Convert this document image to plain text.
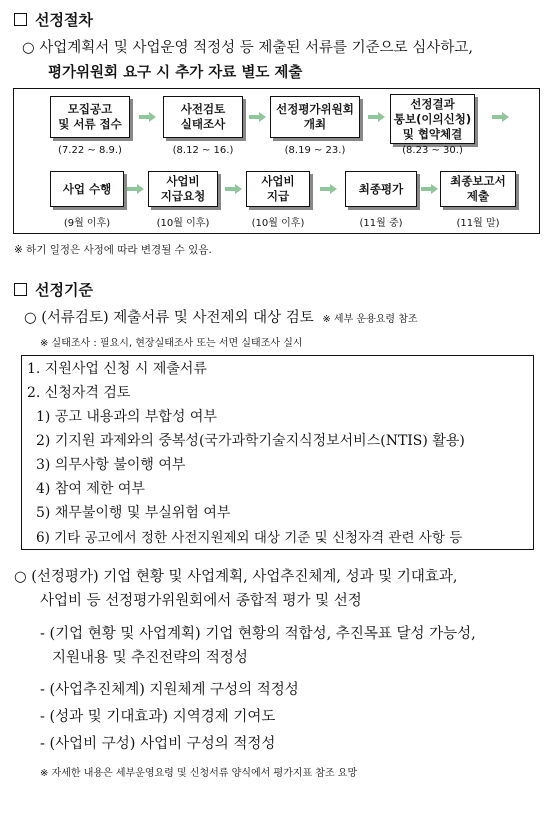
선정절차
○ 사업계획서 및 사업운영 적정성 등 제출된 서류를 기준으로 심사하고,
평가위원회 요구 시 추가 자료 별도 제출
모집공고
및 서류 접수
(7.22 ~ 8.9.)
사전검토
실태조사
(8.12 ~ 16.)
선정평가위원회
개최
(8.19 ~ 23.)
선정결과
통보(이의신청)
및 협약체결
(8.23 ~ 30.)
사업 수행
(9월 이후)
사업비
지급요청
(10월 이후)
사업비
지급
(10월 이후)
최종평가
(11월 중)
최종보고서
제출
(11월 말)
※ 하기 일정은 사정에 따라 변경될 수 있음.
선정기준
○ (서류검토) 제출서류 및 사전제외 대상 검토 ※ 세부 운용요령 참조
※ 실태조사 : 필요시, 현장실태조사 또는 서면 실태조사 실시
1. 지원사업 신청 시 제출서류
2. 신청자격 검토
1) 공고 내용과의 부합성 여부
2) 기지원 과제와의 중복성(국가과학기술지식정보서비스(NTIS) 활용)
3) 의무사항 불이행 여부
4) 참여 제한 여부
5) 채무불이행 및 부실위험 여부
6) 기타 공고에서 정한 사전지원제외 대상 기준 및 신청자격 관련 사항 등
○ (선정평가) 기업 현황 및 사업계획, 사업추진체계, 성과 및 기대효과,
사업비 등 선정평가위원회에서 종합적 평가 및 선정
- (기업 현황 및 사업계획) 기업 현황의 적합성, 추진목표 달성 가능성,
지원내용 및 추진전략의 적정성
- (사업추진체계) 지원체계 구성의 적정성
- (성과 및 기대효과) 지역경제 기여도
- (사업비 구성) 사업비 구성의 적정성
※ 자세한 내용은 세부운영요령 및 신청서류 양식에서 평가지표 참조 요망
